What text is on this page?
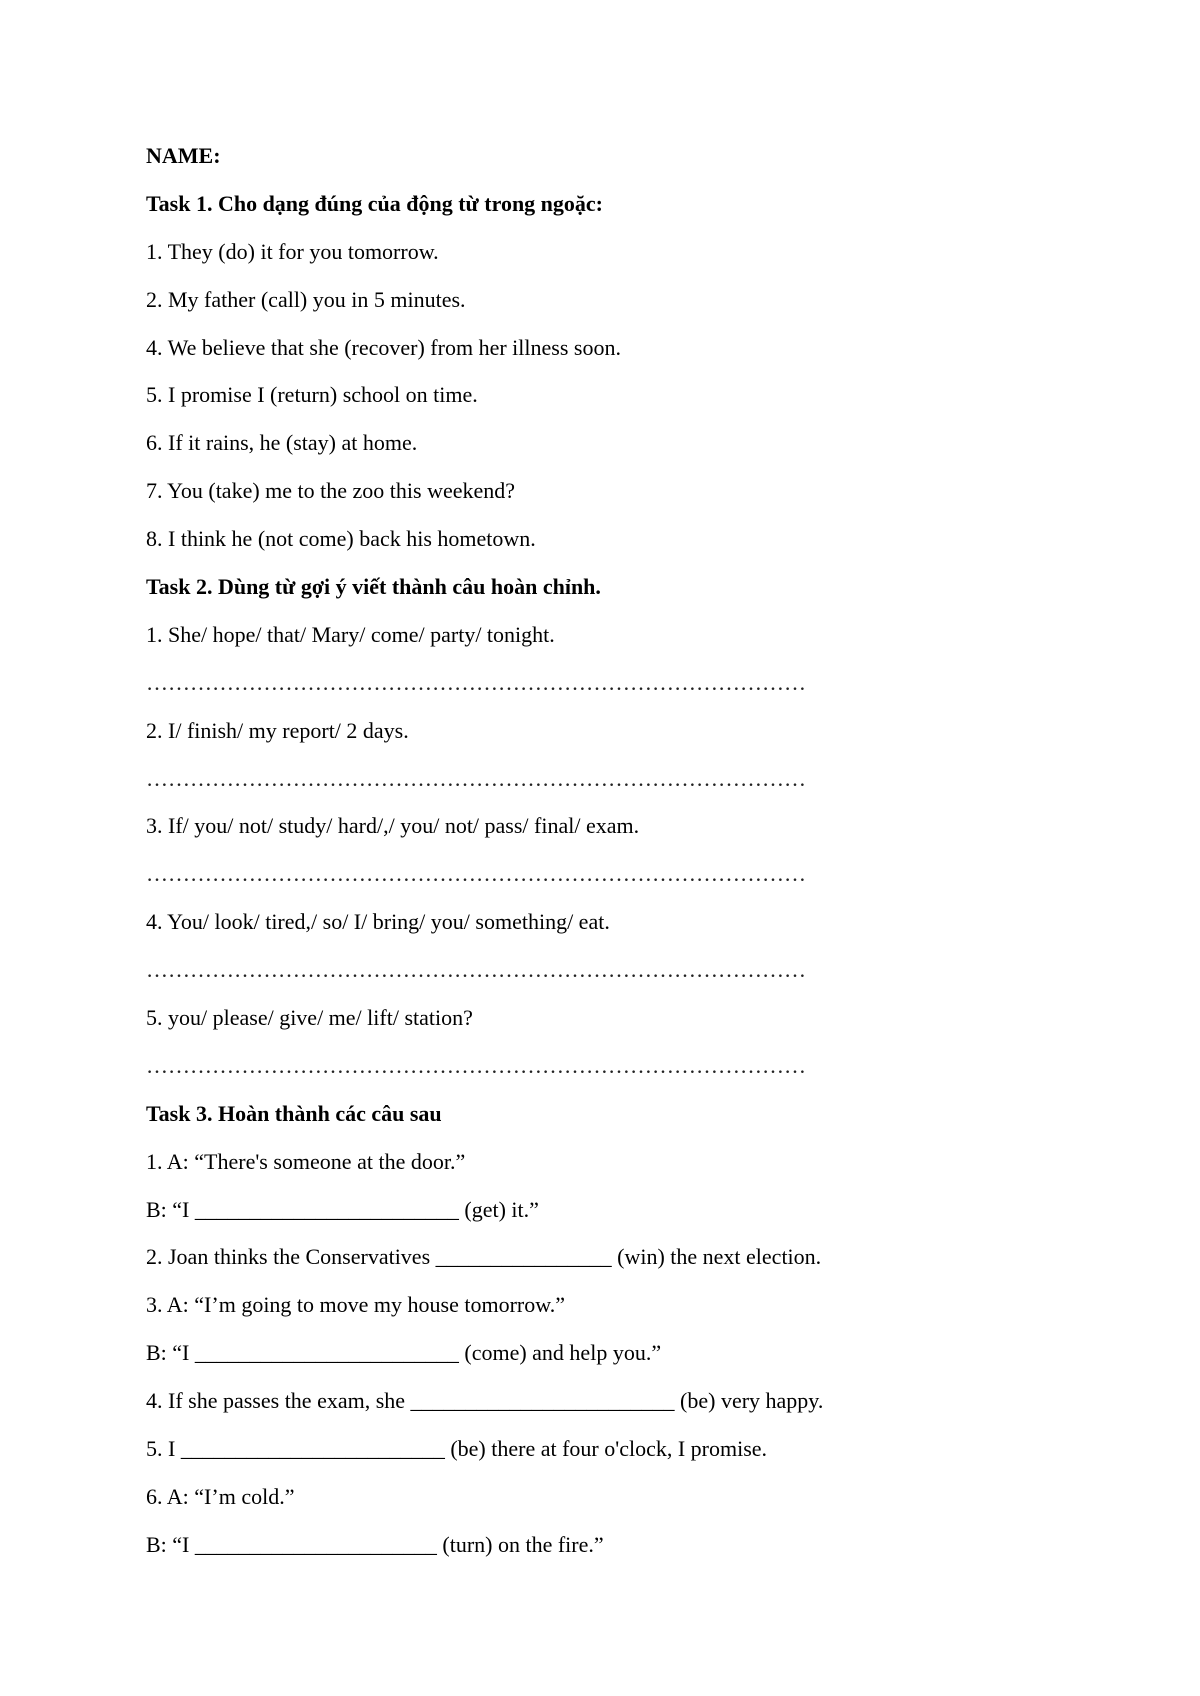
NAME:
Task 1. Cho dạng đúng của động từ trong ngoặc:
1. They (do) it for you tomorrow.
2. My father (call) you in 5 minutes.
4. We believe that she (recover) from her illness soon.
5. I promise I (return) school on time.
6. If it rains, he (stay) at home.
7. You (take) me to the zoo this weekend?
8. I think he (not come) back his hometown.
Task 2. Dùng từ gợi ý viết thành câu hoàn chỉnh.
1. She/ hope/ that/ Mary/ come/ party/ tonight.
………………………………………………………………………………
2. I/ finish/ my report/ 2 days.
………………………………………………………………………………
3. If/ you/ not/ study/ hard/,/ you/ not/ pass/ final/ exam.
………………………………………………………………………………
4. You/ look/ tired,/ so/ I/ bring/ you/ something/ eat.
………………………………………………………………………………
5. you/ please/ give/ me/ lift/ station?
………………………………………………………………………………
Task 3. Hoàn thành các câu sau
1. A: “There's someone at the door.”
B: “I ________________________ (get) it.”
2. Joan thinks the Conservatives ________________ (win) the next election.
3. A: “I’m going to move my house tomorrow.”
B: “I ________________________ (come) and help you.”
4. If she passes the exam, she ________________________ (be) very happy.
5. I ________________________ (be) there at four o'clock, I promise.
6. A: “I’m cold.”
B: “I ______________________ (turn) on the fire.”
